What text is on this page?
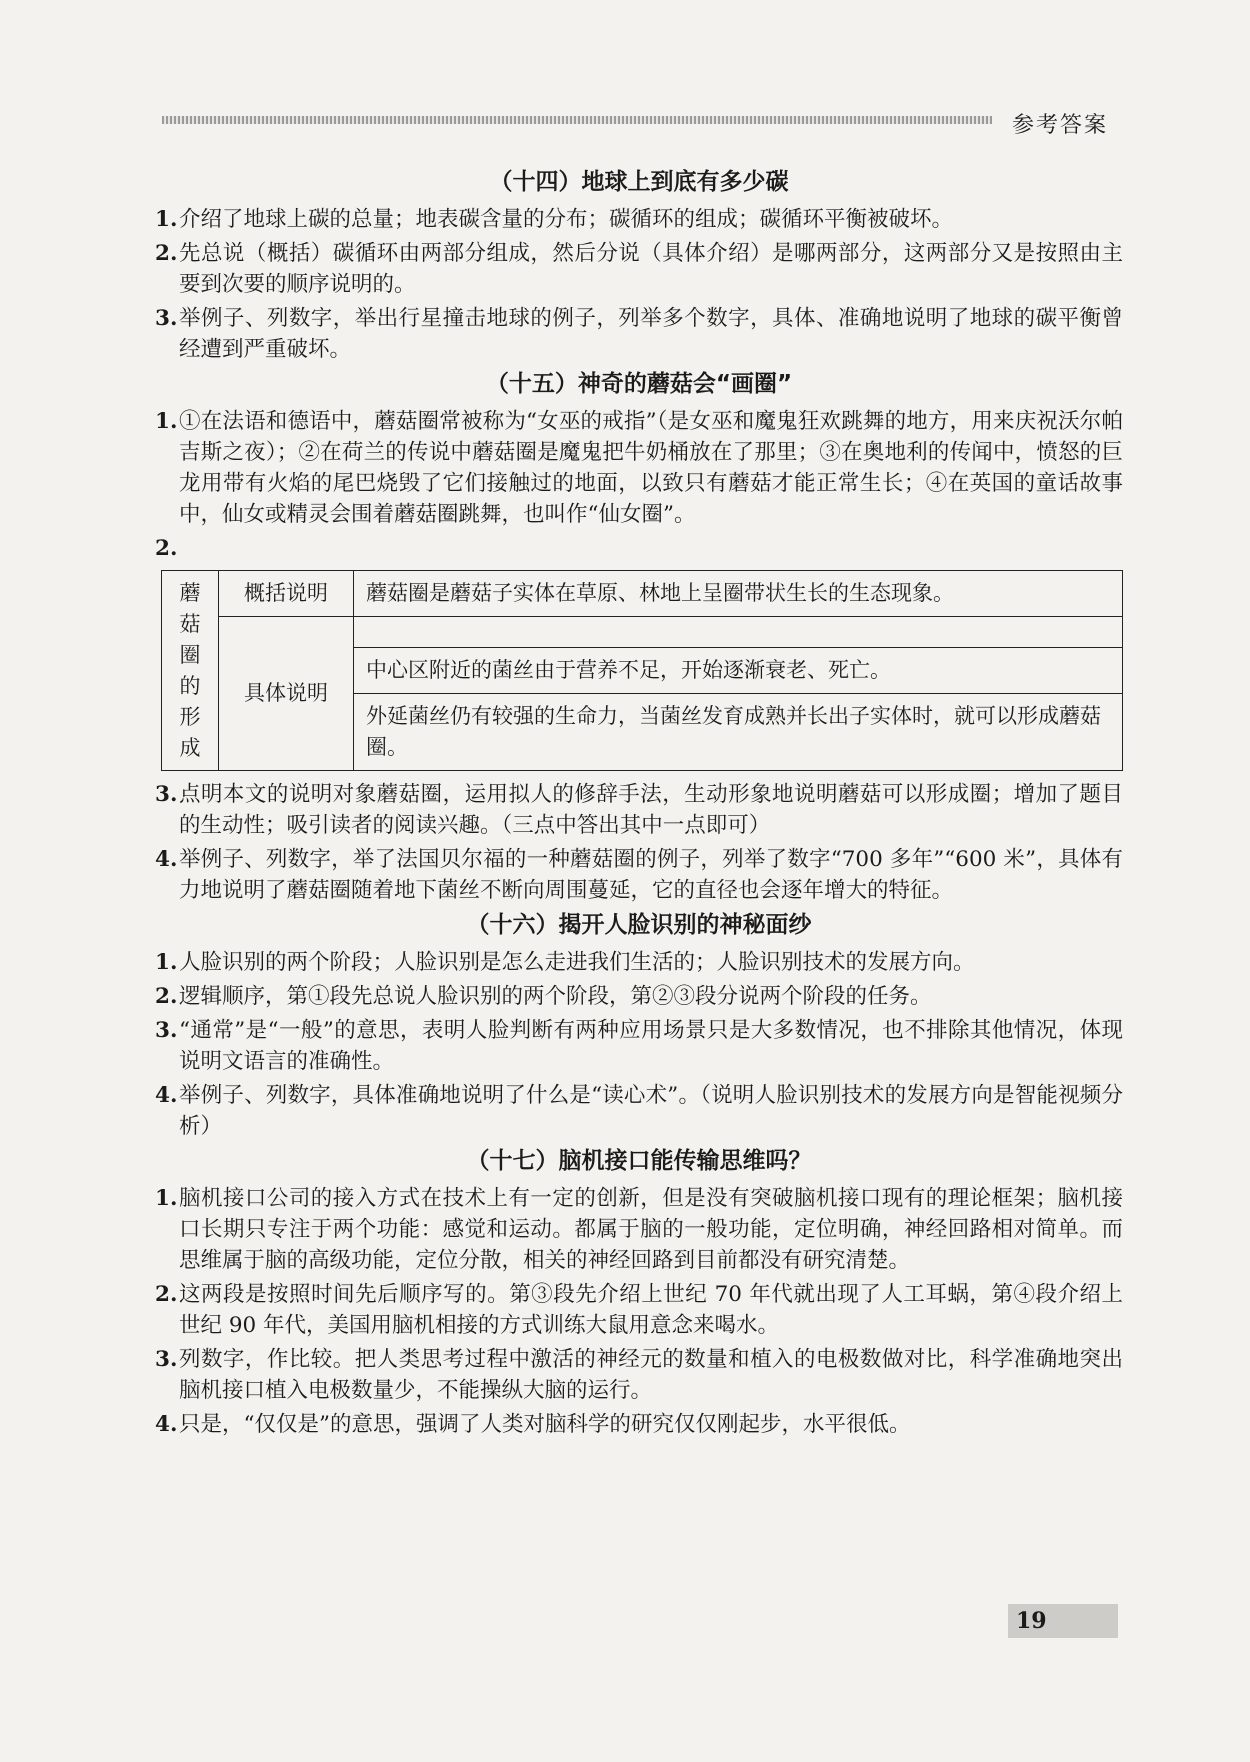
参考答案
（十四）地球上到底有多少碳
1. 介绍了地球上碳的总量；地表碳含量的分布；碳循环的组成；碳循环平衡被破坏。
2. 先总说（概括）碳循环由两部分组成，然后分说（具体介绍）是哪两部分，这两部分又是按照由主要到次要的顺序说明的。
3. 举例子、列数字，举出行星撞击地球的例子，列举多个数字，具体、准确地说明了地球的碳平衡曾经遭到严重破坏。
（十五）神奇的蘑菇会“画圈”
1. ①在法语和德语中，蘑菇圈常被称为“女巫的戒指”（是女巫和魔鬼狂欢跳舞的地方，用来庆祝沃尔帕吉斯之夜）；②在荷兰的传说中蘑菇圈是魔鬼把牛奶桶放在了那里；③在奥地利的传闻中，愤怒的巨龙用带有火焰的尾巴烧毁了它们接触过的地面，以致只有蘑菇才能正常生长；④在英国的童话故事中，仙女或精灵会围着蘑菇圈跳舞，也叫作“仙女圈”。
2.
蘑菇圈的形成	概括说明	蘑菇圈是蘑菇子实体在草原、林地上呈圈带状生长的生态现象。
	具体说明	
		中心区附近的菌丝由于营养不足，开始逐渐衰老、死亡。
		外延菌丝仍有较强的生命力，当菌丝发育成熟并长出子实体时，就可以形成蘑菇圈。
3. 点明本文的说明对象蘑菇圈，运用拟人的修辞手法，生动形象地说明蘑菇可以形成圈；增加了题目的生动性；吸引读者的阅读兴趣。（三点中答出其中一点即可）
4. 举例子、列数字，举了法国贝尔福的一种蘑菇圈的例子，列举了数字“700 多年”“600 米”，具体有力地说明了蘑菇圈随着地下菌丝不断向周围蔓延，它的直径也会逐年增大的特征。
（十六）揭开人脸识别的神秘面纱
1. 人脸识别的两个阶段；人脸识别是怎么走进我们生活的；人脸识别技术的发展方向。
2. 逻辑顺序，第①段先总说人脸识别的两个阶段，第②③段分说两个阶段的任务。
3. “通常”是“一般”的意思，表明人脸判断有两种应用场景只是大多数情况，也不排除其他情况，体现说明文语言的准确性。
4. 举例子、列数字，具体准确地说明了什么是“读心术”。（说明人脸识别技术的发展方向是智能视频分析）
（十七）脑机接口能传输思维吗？
1. 脑机接口公司的接入方式在技术上有一定的创新，但是没有突破脑机接口现有的理论框架；脑机接口长期只专注于两个功能：感觉和运动。都属于脑的一般功能，定位明确，神经回路相对简单。而思维属于脑的高级功能，定位分散，相关的神经回路到目前都没有研究清楚。
2. 这两段是按照时间先后顺序写的。第③段先介绍上世纪 70 年代就出现了人工耳蜗，第④段介绍上世纪 90 年代，美国用脑机相接的方式训练大鼠用意念来喝水。
3. 列数字，作比较。把人类思考过程中激活的神经元的数量和植入的电极数做对比，科学准确地突出脑机接口植入电极数量少，不能操纵大脑的运行。
4. 只是，“仅仅是”的意思，强调了人类对脑科学的研究仅仅刚起步，水平很低。
19
